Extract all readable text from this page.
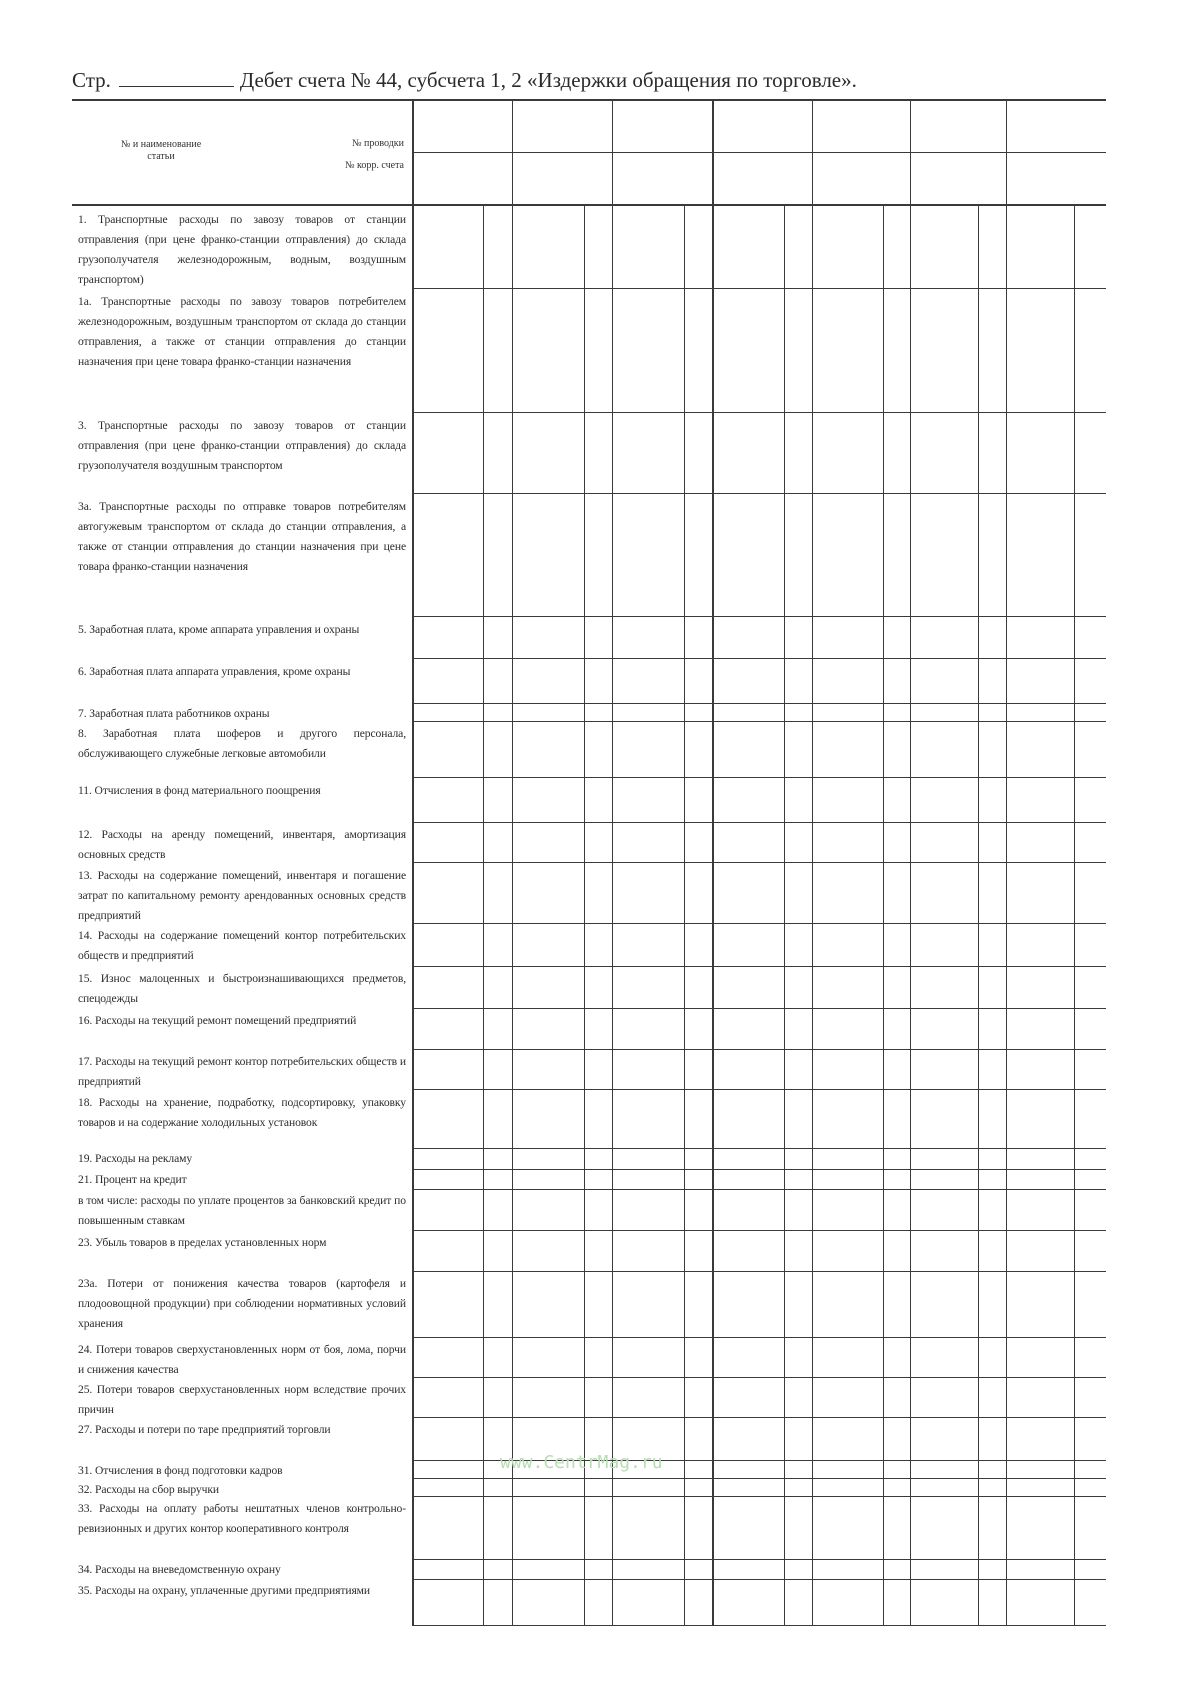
Стр.	Дебет счета № 44, субсчета 1, 2 «Издержки обращения по торговле».
№ и наименование
статьи
№ проводки
№ корр. счета
1. Транспортные расходы по завозу товаров от станции отправления (при цене франко-станции отправления) до склада грузополучателя железнодорожным, водным, воздушным транспортом)
1а. Транспортные расходы по завозу товаров потребителем железнодорожным, воздушным транспортом от склада до станции отправления, а также от станции отправления до станции назначения при цене товара франко-станции назначения
3. Транспортные расходы по завозу товаров от станции отправления (при цене франко-станции отправления) до склада грузополучателя воздушным транспортом
3а. Транспортные расходы по отправке товаров потребителям автогужевым транспортом от склада до станции отправления, а также от станции отправления до станции назначения при цене товара франко-станции назначения
5. Заработная плата, кроме аппарата управления и охраны
6. Заработная плата аппарата управления, кроме охраны
7. Заработная плата работников охраны
8. Заработная плата шоферов и другого персонала, обслуживающего служебные легковые автомобили
11. Отчисления в фонд материального поощрения
12. Расходы на аренду помещений, инвентаря, амортизация основных средств
13. Расходы на содержание помещений, инвентаря и погашение затрат по капитальному ремонту арендованных основных средств предприятий
14. Расходы на содержание помещений контор потребительских обществ и предприятий
15. Износ малоценных и быстроизнашивающихся предметов, спецодежды
16. Расходы на текущий ремонт помещений предприятий
17. Расходы на текущий ремонт контор потребительских обществ и предприятий
18. Расходы на хранение, подработку, подсортировку, упаковку товаров и на содержание холодильных установок
19. Расходы на рекламу
21. Процент на кредит
в том числе: расходы по уплате процентов за банковский кредит по повышенным ставкам
23. Убыль товаров в пределах установленных норм
23а. Потери от понижения качества товаров (картофеля и плодоовощной продукции) при соблюдении нормативных условий хранения
24. Потери товаров сверхустановленных норм от боя, лома, порчи и снижения качества
25. Потери товаров сверхустановленных норм вследствие прочих причин
27. Расходы и потери по таре предприятий торговли
31. Отчисления в фонд подготовки кадров
32. Расходы на сбор выручки
33. Расходы на оплату работы нештатных членов контрольно-ревизионных и других контор кооперативного контроля
34. Расходы на вневедомственную охрану
35. Расходы на охрану, уплаченные другими предприятиями
www.CentrMag.ru
